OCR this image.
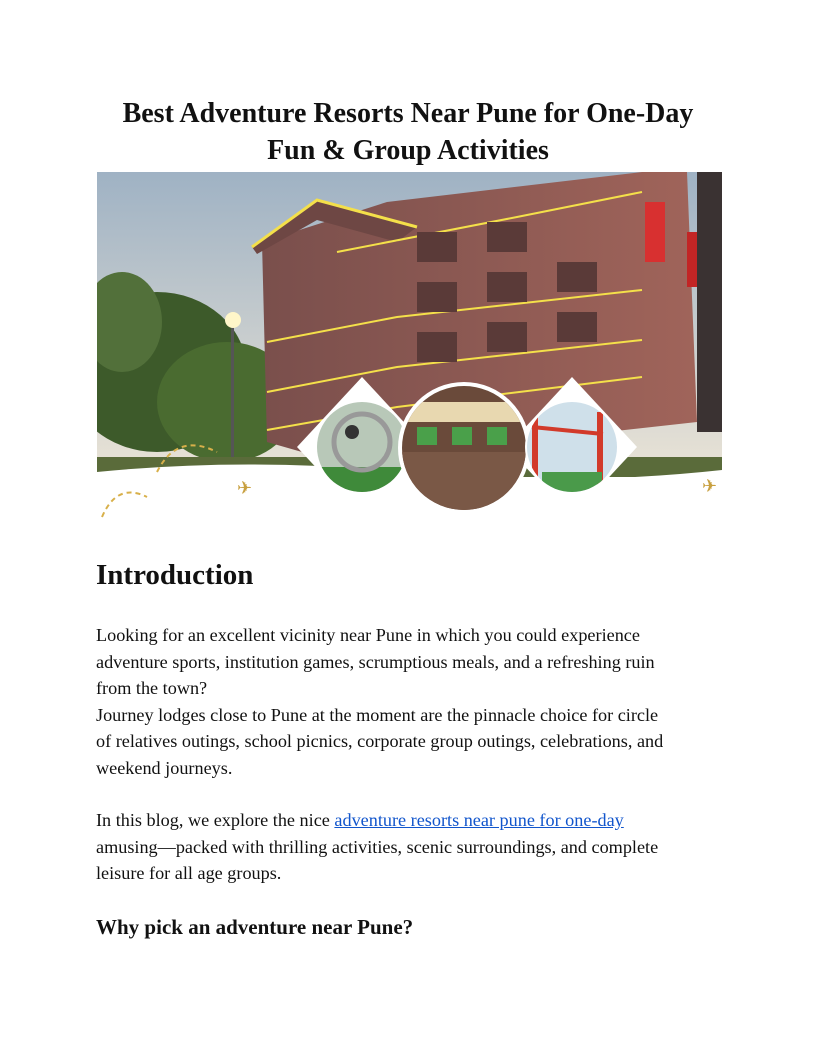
Best Adventure Resorts Near Pune for One-Day
Fun & Group Activities
✈	✈
Introduction

Looking for an excellent vicinity near Pune in which you could experience
adventure sports, institution games, scrumptious meals, and a refreshing ruin
from the town?
Journey lodges close to Pune at the moment are the pinnacle choice for circle
of relatives outings, school picnics, corporate group outings, celebrations, and
weekend journeys.

In this blog, we explore the nice adventure resorts near pune for one-day
amusing—packed with thrilling activities, scenic surroundings, and complete
leisure for all age groups.

Why pick an adventure near Pune?
